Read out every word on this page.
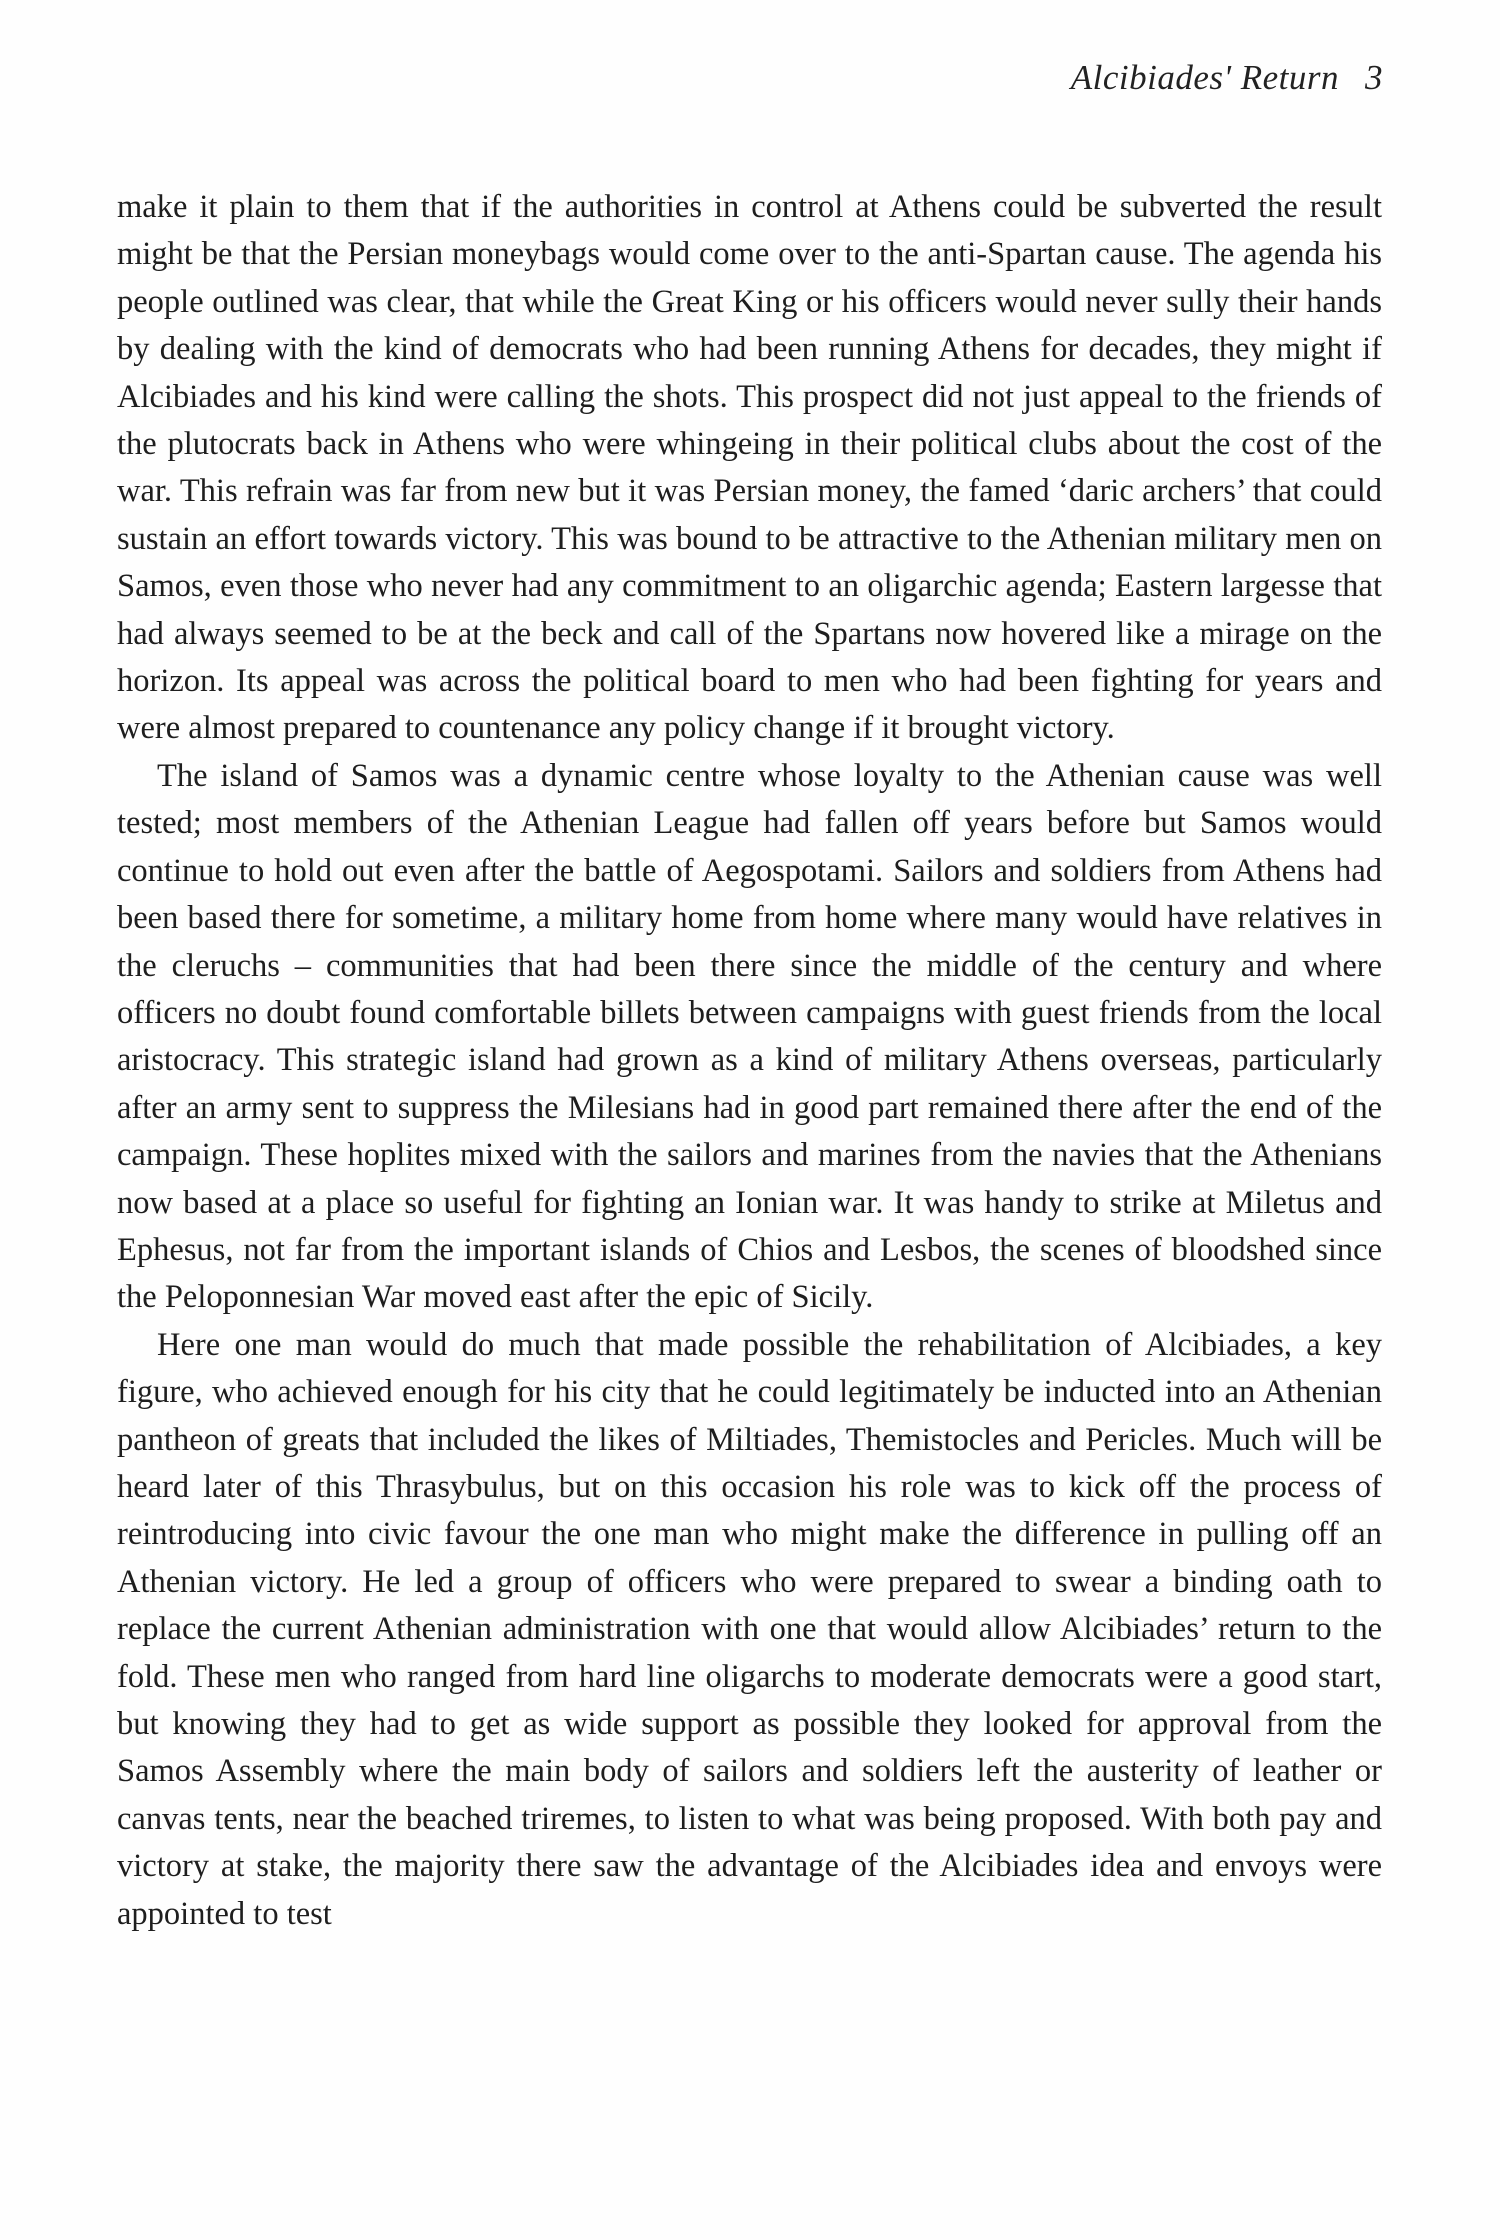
Alcibiades' Return 3

make it plain to them that if the authorities in control at Athens could be subverted the result might be that the Persian moneybags would come over to the anti-Spartan cause. The agenda his people outlined was clear, that while the Great King or his officers would never sully their hands by dealing with the kind of democrats who had been running Athens for decades, they might if Alcibiades and his kind were calling the shots. This prospect did not just appeal to the friends of the plutocrats back in Athens who were whingeing in their political clubs about the cost of the war. This refrain was far from new but it was Persian money, the famed ‘daric archers’ that could sustain an effort towards victory. This was bound to be attractive to the Athenian military men on Samos, even those who never had any commitment to an oligarchic agenda; Eastern largesse that had always seemed to be at the beck and call of the Spartans now hovered like a mirage on the horizon. Its appeal was across the political board to men who had been fighting for years and were almost prepared to countenance any policy change if it brought victory.

The island of Samos was a dynamic centre whose loyalty to the Athenian cause was well tested; most members of the Athenian League had fallen off years before but Samos would continue to hold out even after the battle of Aegospotami. Sailors and soldiers from Athens had been based there for sometime, a military home from home where many would have relatives in the cleruchs – communities that had been there since the middle of the century and where officers no doubt found comfortable billets between campaigns with guest friends from the local aristocracy. This strategic island had grown as a kind of military Athens overseas, particularly after an army sent to suppress the Milesians had in good part remained there after the end of the campaign. These hoplites mixed with the sailors and marines from the navies that the Athenians now based at a place so useful for fighting an Ionian war. It was handy to strike at Miletus and Ephesus, not far from the important islands of Chios and Lesbos, the scenes of bloodshed since the Peloponnesian War moved east after the epic of Sicily.

Here one man would do much that made possible the rehabilitation of Alcibiades, a key figure, who achieved enough for his city that he could legitimately be inducted into an Athenian pantheon of greats that included the likes of Miltiades, Themistocles and Pericles. Much will be heard later of this Thrasybulus, but on this occasion his role was to kick off the process of reintroducing into civic favour the one man who might make the difference in pulling off an Athenian victory. He led a group of officers who were prepared to swear a binding oath to replace the current Athenian administration with one that would allow Alcibiades’ return to the fold. These men who ranged from hard line oligarchs to moderate democrats were a good start, but knowing they had to get as wide support as possible they looked for approval from the Samos Assembly where the main body of sailors and soldiers left the austerity of leather or canvas tents, near the beached triremes, to listen to what was being proposed. With both pay and victory at stake, the majority there saw the advantage of the Alcibiades idea and envoys were appointed to test
